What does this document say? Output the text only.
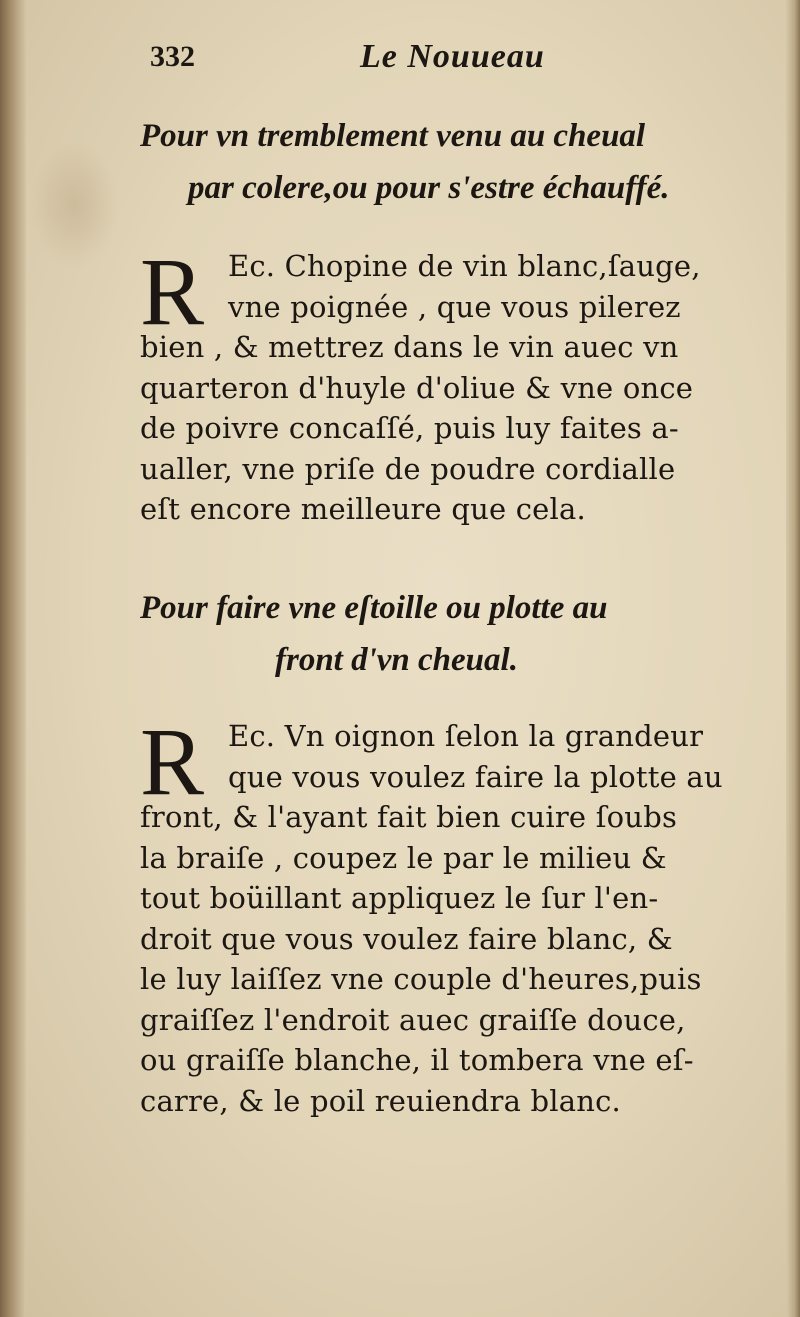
332	Le Nouueau
Pour vn tremblement venu au cheual
par colere,ou pour s'estre échauffé.
R Ec. Chopine de vin blanc,ſauge,
vne poignée , que vous pilerez
bien , & mettrez dans le vin auec vn
quarteron d'huyle d'oliue & vne once
de poivre concaſſé, puis luy faites a-
ualler, vne priſe de poudre cordialle
eſt encore meilleure que cela.
Pour faire vne eſtoille ou plotte au
front d'vn cheual.
R Ec. Vn oignon ſelon la grandeur
que vous voulez faire la plotte au
front, & l'ayant fait bien cuire ſoubs
la braiſe , coupez le par le milieu &
tout boüillant appliquez le ſur l'en-
droit que vous voulez faire blanc, &
le luy laiſſez vne couple d'heures,puis
graiſſez l'endroit auec graiſſe douce,
ou graiſſe blanche, il tombera vne eſ-
carre, & le poil reuiendra blanc.
